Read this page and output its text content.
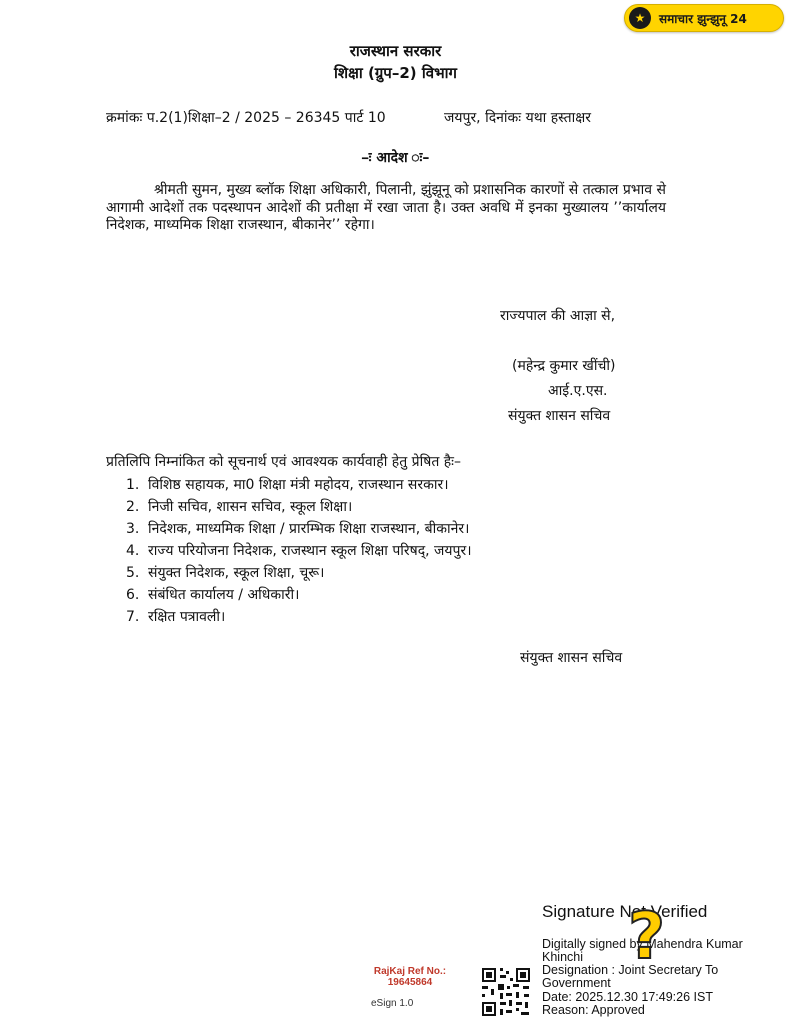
★	समाचार झुन्झुनू 24
राजस्थान सरकार
शिक्षा (ग्रुप–2) विभाग
क्रमांकः प.2(1)शिक्षा–2 / 2025 – 26345 पार्ट 10	जयपुर, दिनांकः यथा हस्ताक्षर
–ः आदेश ः–

श्रीमती सुमन, मुख्य ब्लॉक शिक्षा अधिकारी, पिलानी, झुंझूनू को प्रशासनिक कारणों से तत्काल प्रभाव से आगामी आदेशों तक पदस्थापन आदेशों की प्रतीक्षा में रखा जाता है। उक्त अवधि में इनका मुख्यालय ’’कार्यालय निदेशक, माध्यमिक शिक्षा राजस्थान, बीकानेर’’ रहेगा।

राज्यपाल की आज्ञा से,
(महेन्द्र कुमार खींची)
आई.ए.एस.
संयुक्त शासन सचिव
प्रतिलिपि निम्नांकित को सूचनार्थ एवं आवश्यक कार्यवाही हेतु प्रेषित हैः–
1. विशिष्ठ सहायक, मा0 शिक्षा मंत्री महोदय, राजस्थान सरकार।
2. निजी सचिव, शासन सचिव, स्कूल शिक्षा।
3. निदेशक, माध्यमिक शिक्षा / प्रारम्भिक शिक्षा राजस्थान, बीकानेर।
4. राज्य परियोजना निदेशक, राजस्थान स्कूल शिक्षा परिषद्, जयपुर।
5. संयुक्त निदेशक, स्कूल शिक्षा, चूरू।
6. संबंधित कार्यालय / अधिकारी।
7. रक्षित पत्रावली।
संयुक्त शासन सचिव
RajKaj Ref No.:
19645864
eSign 1.0
Signature Not Verified
Digitally signed by Mahendra Kumar
Khinchi
Designation : Joint Secretary To
Government
Date: 2025.12.30 17:49:26 IST
Reason: Approved
?
